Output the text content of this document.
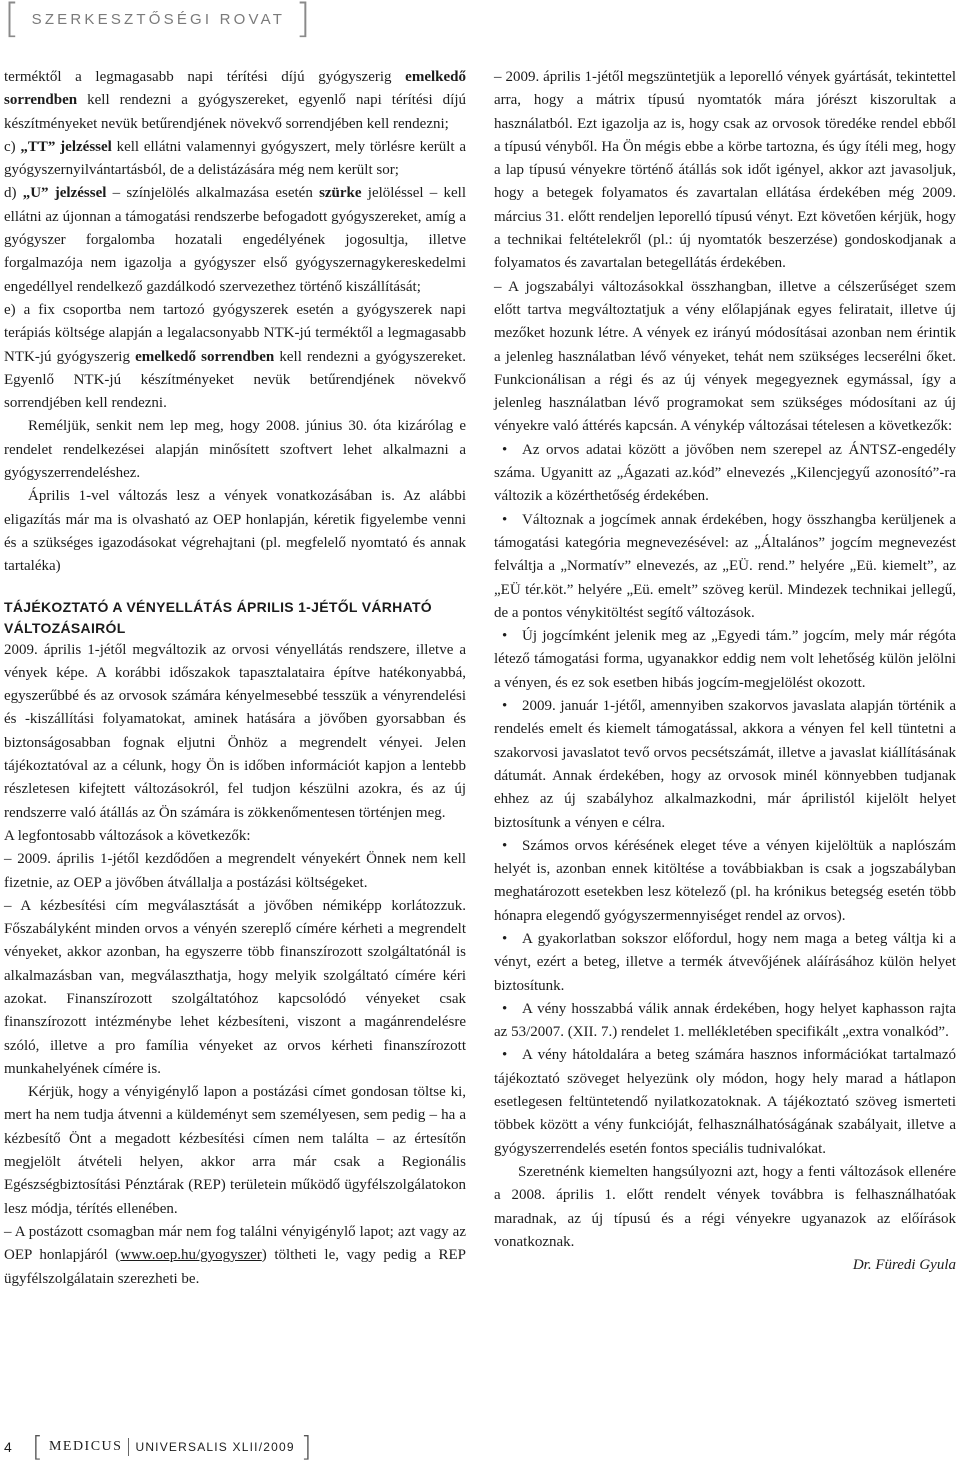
[ SZERKESZTŐSÉGI ROVAT ]

terméktől a legmagasabb napi térítési díjú gyógyszerig emelkedő sorrendben kell rendezni a gyógyszereket, egyenlő napi térítési díjú készítményeket nevük betűrendjének növekvő sorrendjében kell rendezni;

c) „TT” jelzéssel kell ellátni valamennyi gyógyszert, mely törlésre került a gyógyszernyilvántartásból, de a delistázására még nem került sor;

d) „U” jelzéssel – színjelölés alkalmazása esetén szürke jelöléssel – kell ellátni az újonnan a támogatási rendszerbe befogadott gyógyszereket, amíg a gyógyszer forgalomba hozatali engedélyének jogosultja, illetve forgalmazója nem igazolja a gyógyszer első gyógyszernagykereskedelmi engedéllyel rendelkező gazdálkodó szervezethez történő kiszállítását;

e) a fix csoportba nem tartozó gyógyszerek esetén a gyógyszerek napi terápiás költsége alapján a legalacsonyabb NTK-jú terméktől a legmagasabb NTK-jú gyógyszerig emelkedő sorrendben kell rendezni a gyógyszereket. Egyenlő NTK-jú készítményeket nevük betűrendjének növekvő sorrendjében kell rendezni.

Reméljük, senkit nem lep meg, hogy 2008. június 30. óta kizárólag e rendelet rendelkezései alapján minősített szoftvert lehet alkalmazni a gyógyszerrendeléshez.

Április 1-vel változás lesz a vények vonatkozásában is. Az alábbi eligazítás már ma is olvasható az OEP honlapján, kéretik figyelembe venni és a szükséges igazodásokat végrehajtani (pl. megfelelő nyomtató és annak tartaléka)

TÁJÉKOZTATÓ A VÉNYELLÁTÁS ÁPRILIS 1-JÉTŐL VÁRHATÓ VÁLTOZÁSAIRÓL

2009. április 1-jétől megváltozik az orvosi vényellátás rendszere, illetve a vények képe. A korábbi időszakok tapasztalataira építve hatékonyabbá, egyszerűbbé és az orvosok számára kényelmesebbé tesszük a vényrendelési és -kiszállítási folyamatokat, aminek hatására a jövőben gyorsabban és biztonságosabban fognak eljutni Önhöz a megrendelt vényei. Jelen tájékoztatóval az a célunk, hogy Ön is időben információt kapjon a lentebb részletesen kifejtett változásokról, fel tudjon készülni azokra, és az új rendszerre való átállás az Ön számára is zökkenőmentesen történjen meg.

A legfontosabb változások a következők:

– 2009. április 1-jétől kezdődően a megrendelt vényekért Önnek nem kell fizetnie, az OEP a jövőben átvállalja a postázási költségeket.

– A kézbesítési cím megválasztását a jövőben némiképp korlátozzuk. Főszabályként minden orvos a vényén szereplő címére kérheti a megrendelt vényeket, akkor azonban, ha egyszerre több finanszírozott szolgáltatónál is alkalmazásban van, megválaszthatja, hogy melyik szolgáltató címére kéri azokat. Finanszírozott szolgáltatóhoz kapcsolódó vényeket csak finanszírozott intézménybe lehet kézbesíteni, viszont a magánrendelésre szóló, illetve a pro família vényeket az orvos kérheti finanszírozott munkahelyének címére is.

Kérjük, hogy a vényigénylő lapon a postázási címet gondosan töltse ki, mert ha nem tudja átvenni a küldeményt sem személyesen, sem pedig – ha a kézbesítő Önt a megadott kézbesítési címen nem találta – az értesítőn megjelölt átvételi helyen, akkor arra már csak a Regionális Egészségbiztosítási Pénztárak (REP) területein működő ügyfélszolgálatokon lesz módja, térítés ellenében.

– A postázott csomagban már nem fog találni vényigénylő lapot; azt vagy az OEP honlapjáról (www.oep.hu/gyogyszer) töltheti le, vagy pedig a REP ügyfélszolgálatain szerezheti be.

– 2009. április 1-jétől megszüntetjük a leporelló vények gyártását, tekintettel arra, hogy a mátrix típusú nyomtatók mára jórészt kiszorultak a használatból. Ezt igazolja az is, hogy csak az orvosok töredéke rendel ebből a típusú vényből. Ha Ön mégis ebbe a körbe tartozna, és úgy ítéli meg, hogy a lap típusú vényekre történő átállás sok időt igényel, akkor azt javasoljuk, hogy a betegek folyamatos és zavartalan ellátása érdekében még 2009. március 31. előtt rendeljen leporelló típusú vényt. Ezt követően kérjük, hogy a technikai feltételekről (pl.: új nyomtatók beszerzése) gondoskodjanak a folyamatos és zavartalan betegellátás érdekében.

– A jogszabályi változásokkal összhangban, illetve a célszerűséget szem előtt tartva megváltoztatjuk a vény előlapjának egyes feliratait, illetve új mezőket hozunk létre. A vények ez irányú módosításai azonban nem érintik a jelenleg használatban lévő vényeket, tehát nem szükséges lecserélni őket. Funkcionálisan a régi és az új vények megegyeznek egymással, így a jelenleg használatban lévő programokat sem szükséges módosítani az új vényekre való áttérés kapcsán. A vénykép változásai tételesen a következők:

• Az orvos adatai között a jövőben nem szerepel az ÁNTSZ-engedély száma. Ugyanitt az „Ágazati az.kód” elnevezés „Kilencjegyű azonosító”-ra változik a közérthetőség érdekében.

• Változnak a jogcímek annak érdekében, hogy összhangba kerüljenek a támogatási kategória megnevezésével: az „Általános” jogcím megnevezést felváltja a „Normatív” elnevezés, az „EÜ. rend.” helyére „Eü. kiemelt”, az „EÜ tér.köt.” helyére „Eü. emelt” szöveg kerül. Mindezek technikai jellegű, de a pontos vénykitöltést segítő változások.

• Új jogcímként jelenik meg az „Egyedi tám.” jogcím, mely már régóta létező támogatási forma, ugyanakkor eddig nem volt lehetőség külön jelölni a vényen, és ez sok esetben hibás jogcím-megjelölést okozott.

• 2009. január 1-jétől, amennyiben szakorvos javaslata alapján történik a rendelés emelt és kiemelt támogatással, akkora a vényen fel kell tüntetni a szakorvosi javaslatot tevő orvos pecsétszámát, illetve a javaslat kiállításának dátumát. Annak érdekében, hogy az orvosok minél könnyebben tudjanak ehhez az új szabályhoz alkalmazkodni, már áprilistól kijelölt helyet biztosítunk a vényen e célra.

• Számos orvos kérésének eleget téve a vényen kijelöltük a naplószám helyét is, azonban ennek kitöltése a továbbiakban is csak a jogszabályban meghatározott esetekben lesz kötelező (pl. ha krónikus betegség esetén több hónapra elegendő gyógyszermennyiséget rendel az orvos).

• A gyakorlatban sokszor előfordul, hogy nem maga a beteg váltja ki a vényt, ezért a beteg, illetve a termék átvevőjének aláírásához külön helyet biztosítunk.

• A vény hosszabbá válik annak érdekében, hogy helyet kaphasson rajta az 53/2007. (XII. 7.) rendelet 1. mellékletében specifikált „extra vonalkód”.

• A vény hátoldalára a beteg számára hasznos információkat tartalmazó tájékoztató szöveget helyezünk oly módon, hogy hely marad a hátlapon esetlegesen feltüntetendő nyilatkozatoknak. A tájékoztató szöveg ismerteti többek között a vény funkcióját, felhasználhatóságának szabályait, illetve a gyógyszerrendelés esetén fontos speciális tudnivalókat.

Szeretnénk kiemelten hangsúlyozni azt, hogy a fenti változások ellenére a 2008. április 1. előtt rendelt vények továbbra is felhasználhatóak maradnak, az új típusú és a régi vényekre ugyanazok az előírások vonatkoznak.

Dr. Füredi Gyula
4 [ MEDICUS	UNIVERSALIS XLII/2009 ]
